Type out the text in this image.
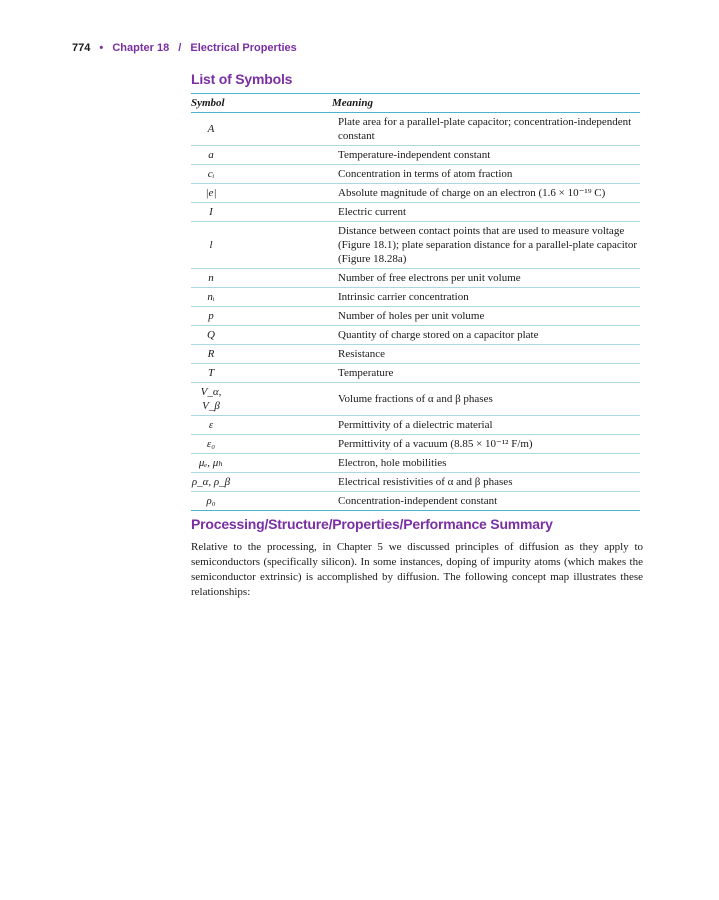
774 • Chapter 18 / Electrical Properties
List of Symbols
Symbol		Meaning
A		Plate area for a parallel-plate capacitor; concentration-independent constant
a		Temperature-independent constant
cᵢ		Concentration in terms of atom fraction
|e|		Absolute magnitude of charge on an electron (1.6 × 10⁻¹⁹ C)
I		Electric current
l		Distance between contact points that are used to measure voltage (Figure 18.1); plate separation distance for a parallel-plate capacitor (Figure 18.28a)
n		Number of free electrons per unit volume
nᵢ		Intrinsic carrier concentration
p		Number of holes per unit volume
Q		Quantity of charge stored on a capacitor plate
R		Resistance
T		Temperature
V_α, V_β		Volume fractions of α and β phases
ε		Permittivity of a dielectric material
ε₀		Permittivity of a vacuum (8.85 × 10⁻¹² F/m)
μₑ, μₕ		Electron, hole mobilities
ρ_α, ρ_β		Electrical resistivities of α and β phases
ρ₀		Concentration-independent constant
Processing/Structure/Properties/Performance Summary

Relative to the processing, in Chapter 5 we discussed principles of diffusion as they apply to semiconductors (specifically silicon). In some instances, doping of impurity atoms (which makes the semiconductor extrinsic) is accomplished by diffusion. The following concept map illustrates these relationships:
